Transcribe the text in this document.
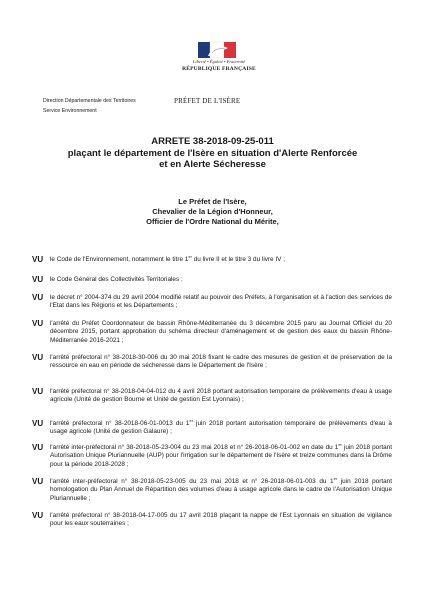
Liberté • Égalité • Fraternité
RÉPUBLIQUE FRANÇAISE
PRÉFET DE L'ISÈRE
Direction Départementale des Territoires
Service Environnement
ARRETE 38-2018-09-25-011
plaçant le département de l'Isère en situation d'Alerte Renforcée
et en Alerte Sécheresse
Le Préfet de l'Isère,
Chevalier de la Légion d'Honneur,
Officier de l'Ordre National du Mérite,
VU le Code de l'Environnement, notamment le titre 1er du livre II et le titre 3 du livre IV ;
VU le Code Général des Collectivités Territoriales ;
VU le décret n° 2004-374 du 29 avril 2004 modifié relatif au pouvoir des Préfets, à l'organisation et à l'action des services de l'Etat dans les Régions et les Départements ;
VU l'arrêté du Préfet Coordonnateur de bassin Rhône-Méditerranée du 3 décembre 2015 paru au Journal Officiel du 20 décembre 2015, portant approbation du schéma directeur d'aménagement et de gestion des eaux du bassin Rhône-Méditerranée 2016-2021 ;
VU l'arrêté préfectoral n° 38-2018-30-006 du 30 mai 2018 fixant le cadre des mesures de gestion et de préservation de la ressource en eau en période de sécheresse dans le Département de l'Isère ;
VU l'arrêté préfectoral n° 38-2018-04-04-012 du 4 avril 2018 portant autorisation temporaire de prélèvements d'eau à usage agricole (Unité de gestion Bourne et Unité de gestion Est Lyonnais) ;
VU l'arrêté préfectoral n° 38-2018-06-01-0013 du 1er juin 2018 portant autorisation temporaire de prélèvements d'eau à usage agricole (Unité de gestion Galaure) ;
VU l'arrêté inter-préfectoral n° 38-2018-05-23-004 du 23 mai 2018 et n° 26-2018-06-01-002 en date du 1er juin 2018 portant Autorisation Unique Pluriannuelle (AUP) pour l'irrigation sur le département de l'Isère et treize communes dans la Drôme pour la période 2018-2028 ;
VU l'arrêté inter-préfectoral n° 38-2018-05-23-005 du 23 mai 2018 et n° 26-2018-06-01-003 du 1er juin 2018 portant homologation du Plan Annuel de Répartition des volumes d'eau à usage agricole dans le cadre de l'Autorisation Unique Pluriannuelle ;
VU l'arrêté préfectoral n° 38-2018-04-17-005 du 17 avril 2018 plaçant la nappe de l'Est Lyonnais en situation de vigilance pour les eaux souterraines ;
